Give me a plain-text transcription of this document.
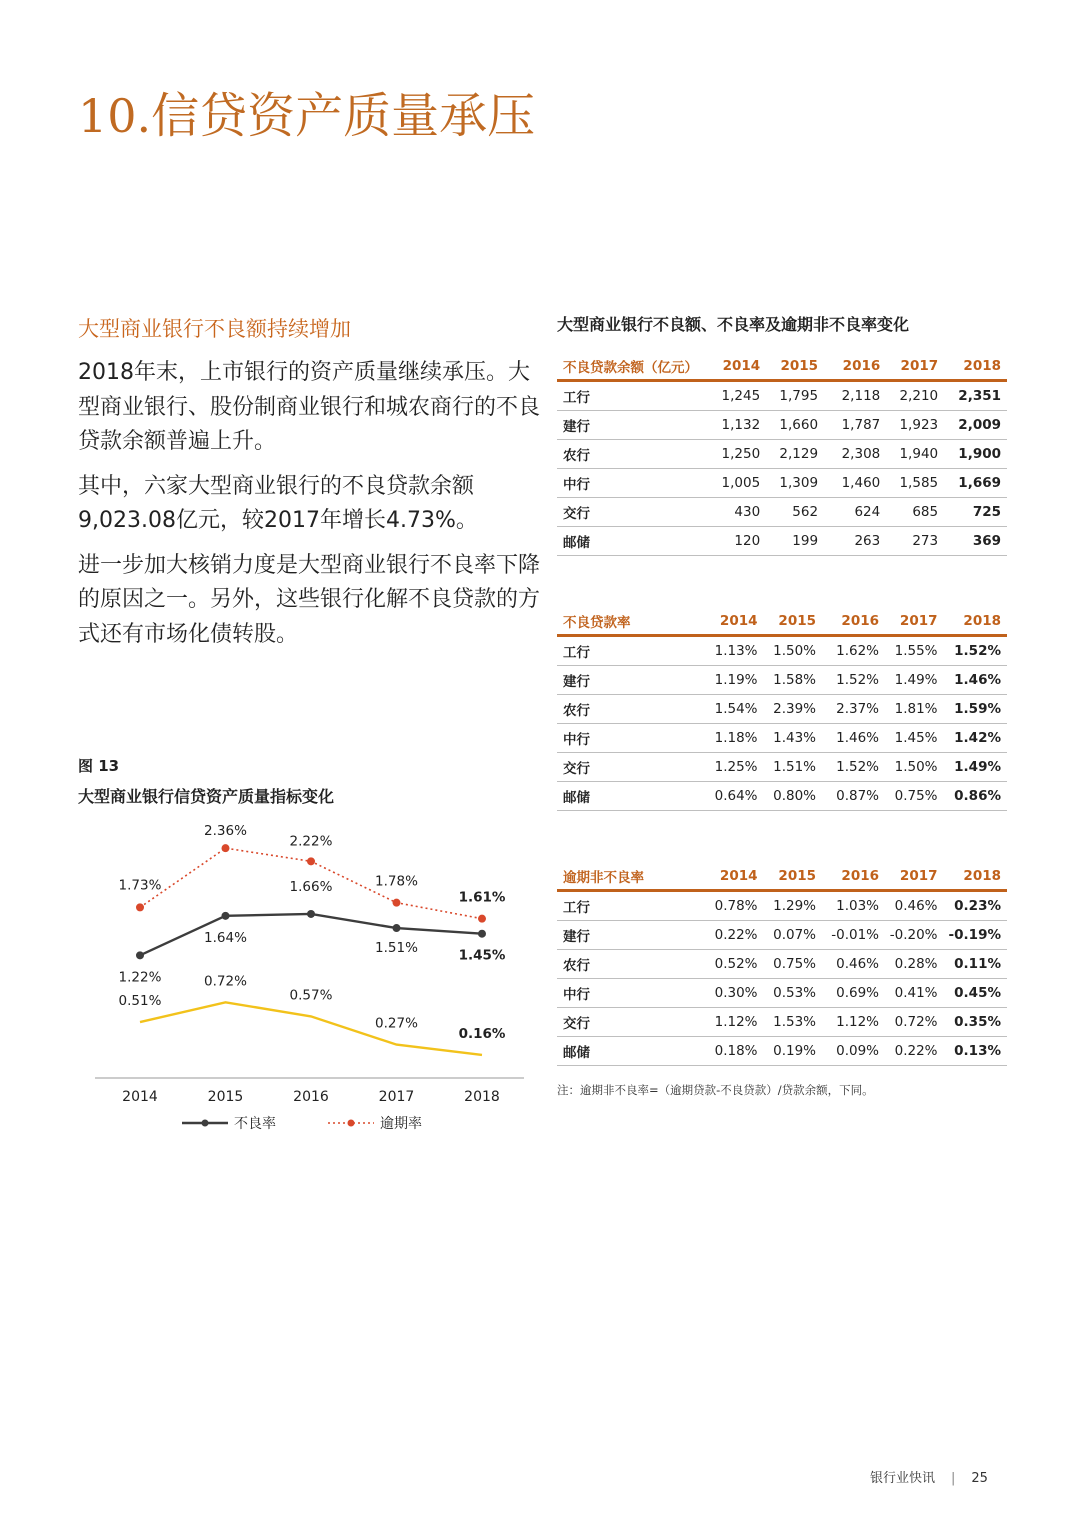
10.信贷资产质量承压
大型商业银行不良额持续增加

2018年末，上市银行的资产质量继续承压。大型商业银行、股份制商业银行和城农商行的不良贷款余额普遍上升。

其中，六家大型商业银行的不良贷款余额9,023.08亿元，较2017年增长4.73%。

进一步加大核销力度是大型商业银行不良率下降的原因之一。另外，这些银行化解不良贷款的方式还有市场化债转股。

图 13
大型商业银行信贷资产质量指标变化
1.22%
1.64%
1.66%
1.51%	1.45%
1.73%
2.36%
2.22%
1.78%
1.61%
0.51%
0.72%
0.57%
0.27%
0.16%
2014	2015	2016	2017	2018
不良率	逾期率
大型商业银行不良额、不良率及逾期非不良率变化
不良贷款余额（亿元）	2014	2015	2016	2017	2018
工行	1,245	1,795	2,118	2,210	2,351
建行	1,132	1,660	1,787	1,923	2,009
农行	1,250	2,129	2,308	1,940	1,900
中行	1,005	1,309	1,460	1,585	1,669
交行	430	562	624	685	725
邮储	120	199	263	273	369
不良贷款率	2014	2015	2016	2017	2018
工行	1.13%	1.50%	1.62%	1.55%	1.52%
建行	1.19%	1.58%	1.52%	1.49%	1.46%
农行	1.54%	2.39%	2.37%	1.81%	1.59%
中行	1.18%	1.43%	1.46%	1.45%	1.42%
交行	1.25%	1.51%	1.52%	1.50%	1.49%
邮储	0.64%	0.80%	0.87%	0.75%	0.86%
逾期非不良率	2014	2015	2016	2017	2018
工行	0.78%	1.29%	1.03%	0.46%	0.23%
建行	0.22%	0.07%	-0.01%	-0.20%	-0.19%
农行	0.52%	0.75%	0.46%	0.28%	0.11%
中行	0.30%	0.53%	0.69%	0.41%	0.45%
交行	1.12%	1.53%	1.12%	0.72%	0.35%
邮储	0.18%	0.19%	0.09%	0.22%	0.13%

注：逾期非不良率=（逾期贷款-不良贷款）/贷款余额，下同。

银行业快讯 | 25
